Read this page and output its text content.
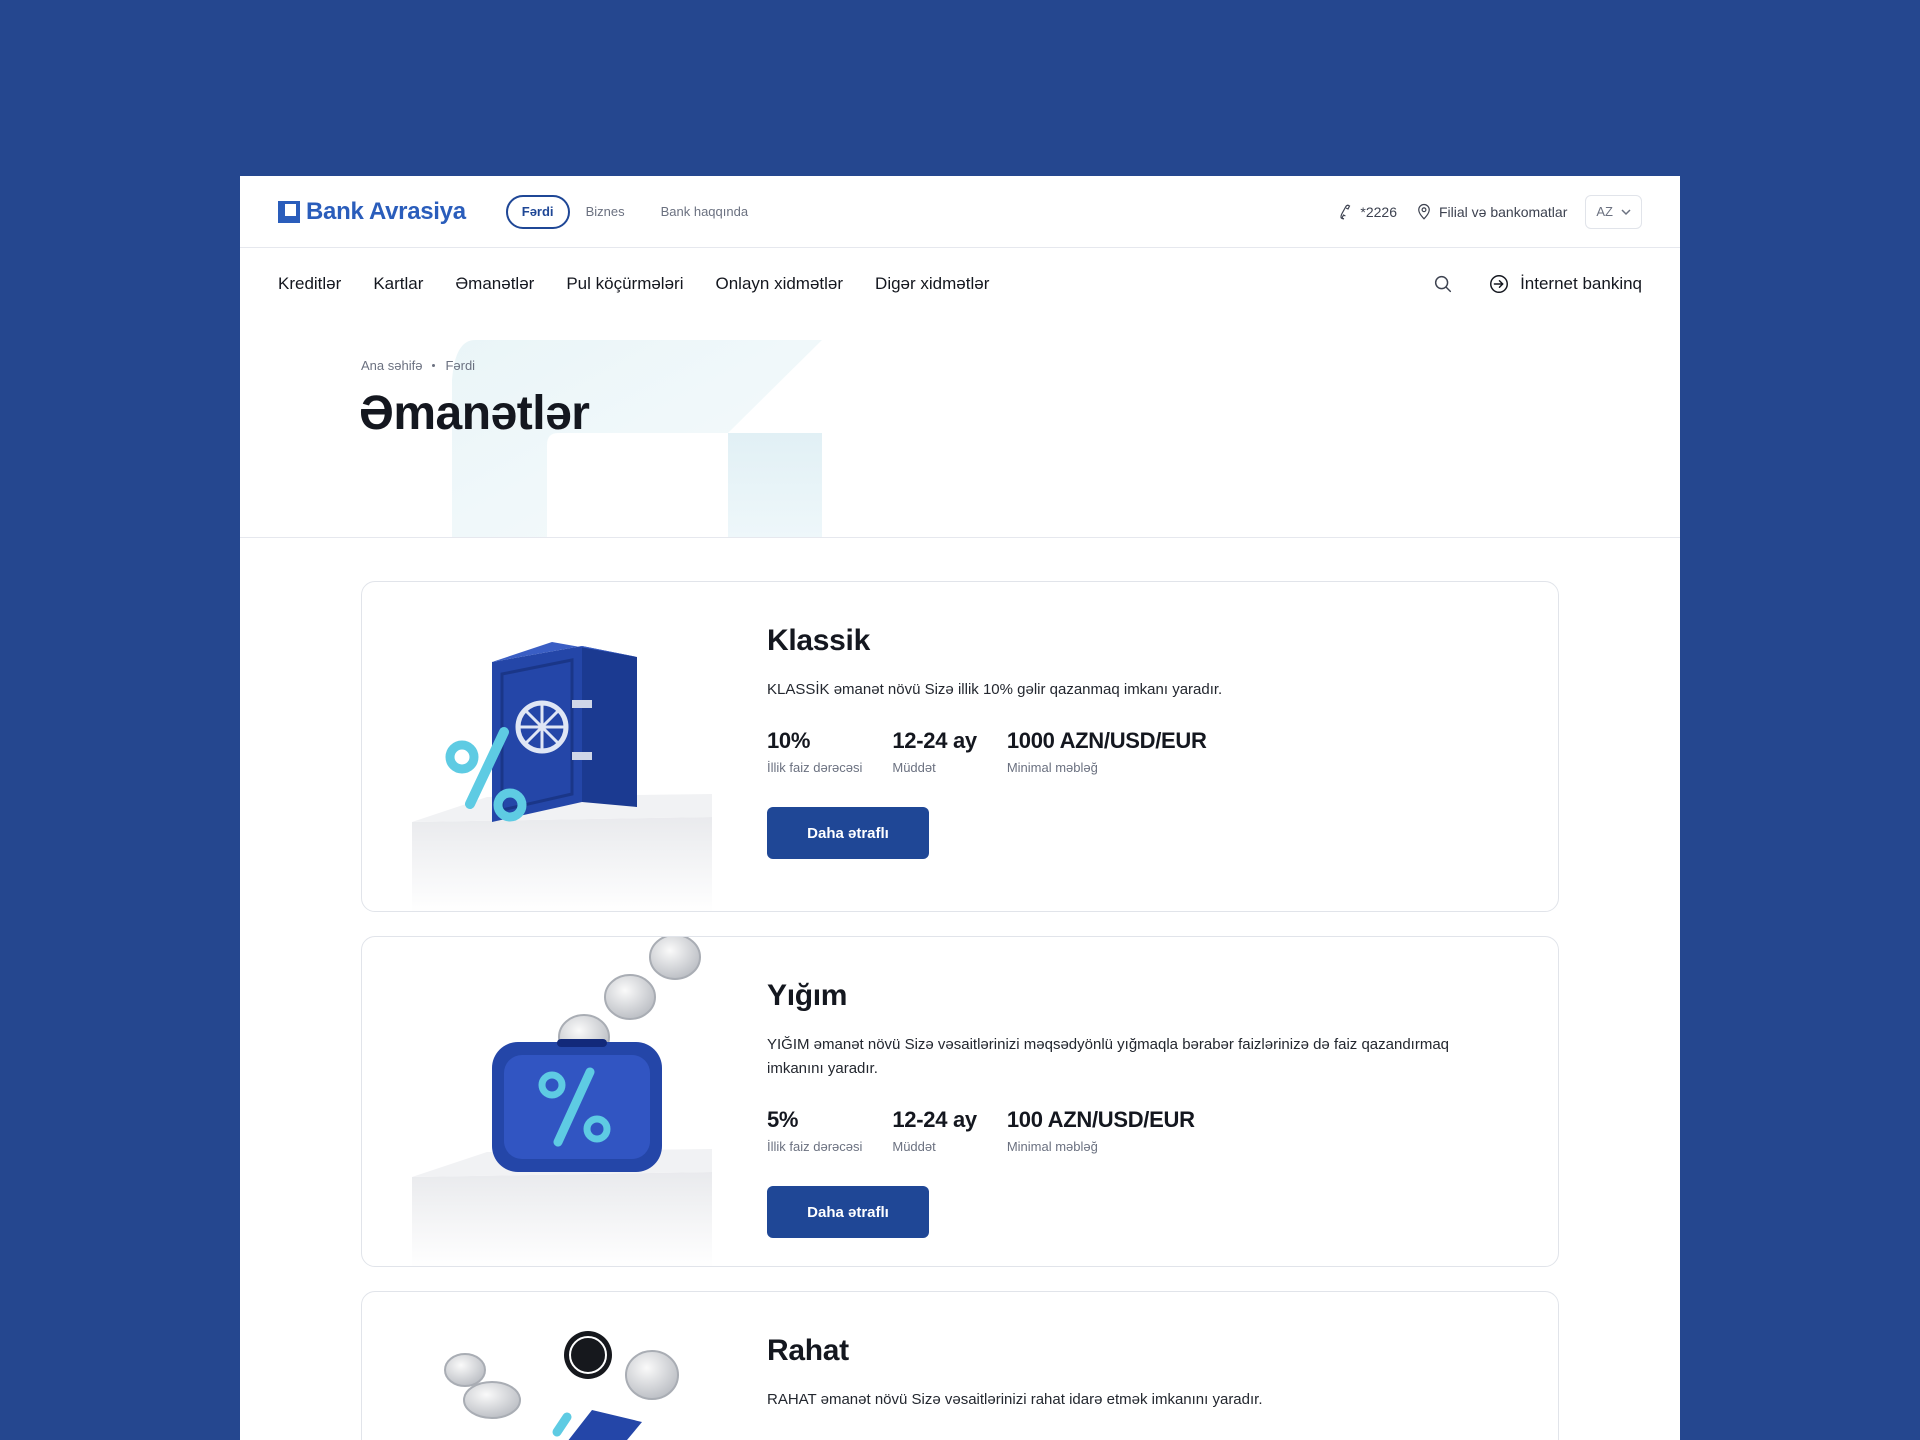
Bank Avrasiya	Fərdi	Biznes	Bank haqqında	*2226	Filial və bankomatlar AZ
Kreditlər Kartlar Əmanətlər Pul köçürmələri Onlayn xidmətlər Digər xidmətlər	İnternet bankinq
Ana səhifə Fərdi
Əmanətlər
Klassik

KLASSİK əmanət növü Sizə illik 10% gəlir qazanmaq imkanı yaradır.

10%
İllik faiz dərəcəsi
12-24 ay
Müddət
1000 AZN/USD/EUR
Minimal məbləğ
Daha ətraflı
Yığım

YIĞIM əmanət növü Sizə vəsaitlərinizi məqsədyönlü yığmaqla bərabər faizlərinizə də faiz qazandırmaq imkanını yaradır.

5%
İllik faiz dərəcəsi
12-24 ay
Müddət
100 AZN/USD/EUR
Minimal məbləğ
Daha ətraflı
Rahat

RAHAT əmanət növü Sizə vəsaitlərinizi rahat idarə etmək imkanını yaradır.
